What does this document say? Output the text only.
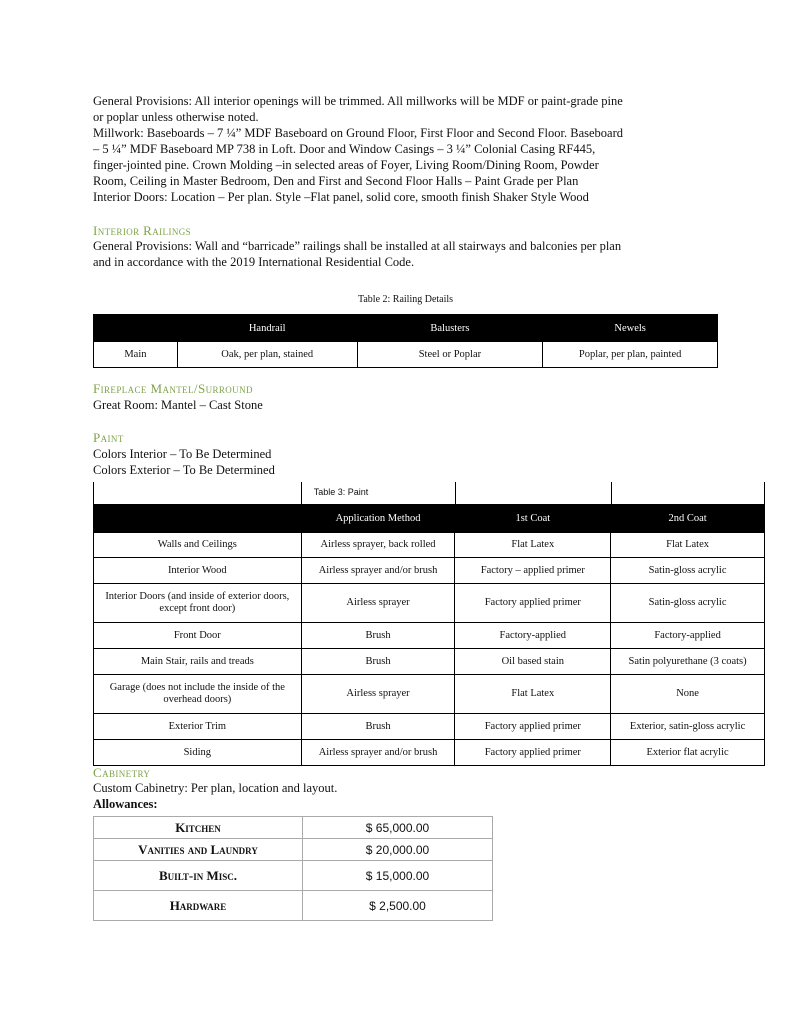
General Provisions: All interior openings will be trimmed. All millworks will be MDF or paint-grade pine
or poplar unless otherwise noted.
Millwork: Baseboards – 7 ¼” MDF Baseboard on Ground Floor, First Floor and Second Floor. Baseboard
– 5 ¼” MDF Baseboard MP 738 in Loft. Door and Window Casings – 3 ¼” Colonial Casing RF445,
finger-jointed pine. Crown Molding –in selected areas of Foyer, Living Room/Dining Room, Powder
Room, Ceiling in Master Bedroom, Den and First and Second Floor Halls – Paint Grade per Plan
Interior Doors: Location – Per plan. Style –Flat panel, solid core, smooth finish Shaker Style Wood
Interior Railings
General Provisions: Wall and “barricade” railings shall be installed at all stairways and balconies per plan
and in accordance with the 2019 International Residential Code.
Table 2: Railing Details
	Handrail	Balusters	Newels
Main	Oak, per plan, stained	Steel or Poplar	Poplar, per plan, painted
Fireplace Mantel/Surround
Great Room: Mantel – Cast Stone
Paint
Colors Interior – To Be Determined
Colors Exterior – To Be Determined
Table 3: Paint
	Application Method	1st Coat	2nd Coat
Walls and Ceilings	Airless sprayer, back rolled	Flat Latex	Flat Latex
Interior Wood	Airless sprayer and/or brush	Factory – applied primer	Satin-gloss acrylic
Interior Doors (and inside of exterior doors, except front door)	Airless sprayer	Factory applied primer	Satin-gloss acrylic
Front Door	Brush	Factory-applied	Factory-applied
Main Stair, rails and treads	Brush	Oil based stain	Satin polyurethane (3 coats)
Garage (does not include the inside of the overhead doors)	Airless sprayer	Flat Latex	None
Exterior Trim	Brush	Factory applied primer	Exterior, satin-gloss acrylic
Siding	Airless sprayer and/or brush	Factory applied primer	Exterior flat acrylic
Cabinetry
Custom Cabinetry: Per plan, location and layout.
Allowances:
Kitchen	$ 65,000.00
Vanities and Laundry	$ 20,000.00
Built-in Misc.	$ 15,000.00
Hardware	$ 2,500.00
